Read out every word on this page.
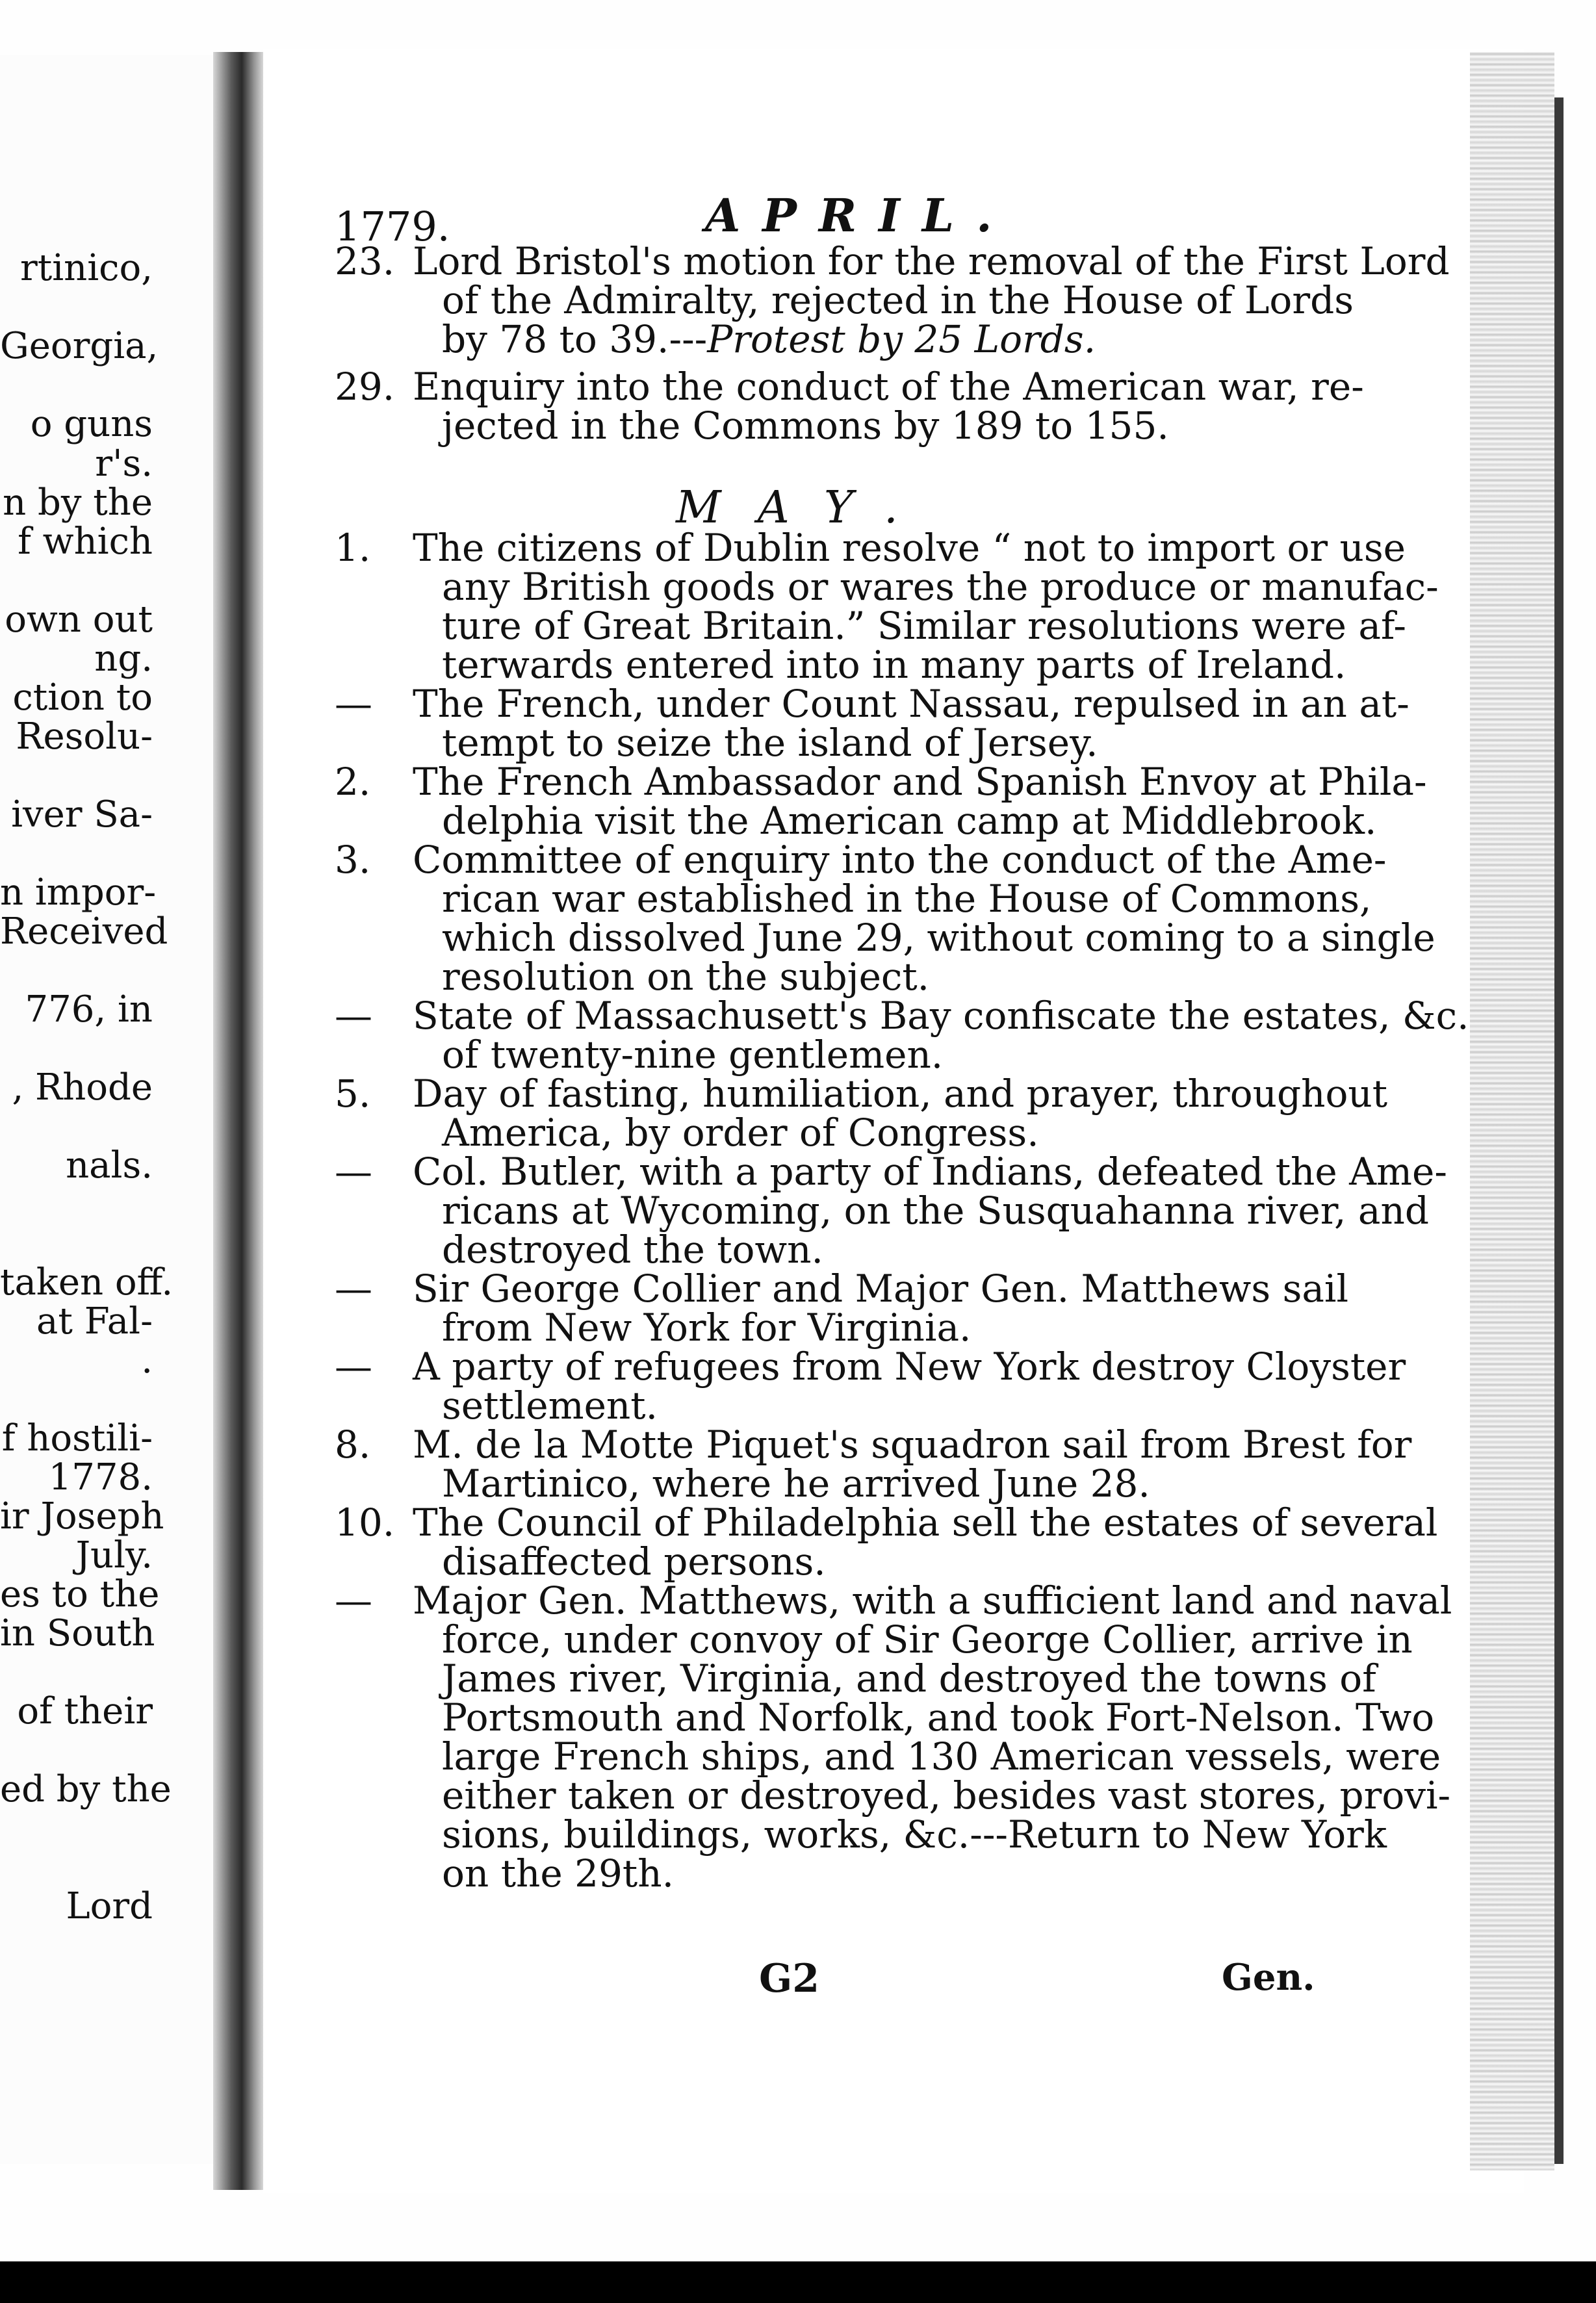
rtinico,
Georgia,
o guns
r's.
n by the
f which
own out
ng.
ction to
Resolu-
iver Sa-
n impor-
Received
776, in
, Rhode
nals.
taken off.
at Fal-
.
f hostili-
1778.
ir Joseph
July.
es to the
in South
of their
ed by the
Lord
1779.	APRIL.
23. Lord Bristol's motion for the removal of the First Lord
of the Admiralty, rejected in the House of Lords
by 78 to 39.---Protest by 25 Lords.
29. Enquiry into the conduct of the American war, re-
jected in the Commons by 189 to 155.
MAY.
1.	The citizens of Dublin resolve “ not to import or use
any British goods or wares the produce or manufac-
ture of Great Britain.” Similar resolutions were af-
terwards entered into in many parts of Ireland.
—	The French, under Count Nassau, repulsed in an at-
tempt to seize the island of Jersey.
2.	The French Ambassador and Spanish Envoy at Phila-
delphia visit the American camp at Middlebrook.
3.	Committee of enquiry into the conduct of the Ame-
rican war established in the House of Commons,
which dissolved June 29, without coming to a single
resolution on the subject.
—	State of Massachusett's Bay confiscate the estates, &c.
of twenty-nine gentlemen.
5.	Day of fasting, humiliation, and prayer, throughout
America, by order of Congress.
—	Col. Butler, with a party of Indians, defeated the Ame-
ricans at Wycoming, on the Susquahanna river, and
destroyed the town.
—	Sir George Collier and Major Gen. Matthews sail
from New York for Virginia.
—	A party of refugees from New York destroy Cloyster
settlement.
8.	M. de la Motte Piquet's squadron sail from Brest for
Martinico, where he arrived June 28.
10. The Council of Philadelphia sell the estates of several
disaffected persons.
—	Major Gen. Matthews, with a sufficient land and naval
force, under convoy of Sir George Collier, arrive in
James river, Virginia, and destroyed the towns of
Portsmouth and Norfolk, and took Fort-Nelson. Two
large French ships, and 130 American vessels, were
either taken or destroyed, besides vast stores, provi-
sions, buildings, works, &c.---Return to New York
on the 29th.
G2	Gen.
